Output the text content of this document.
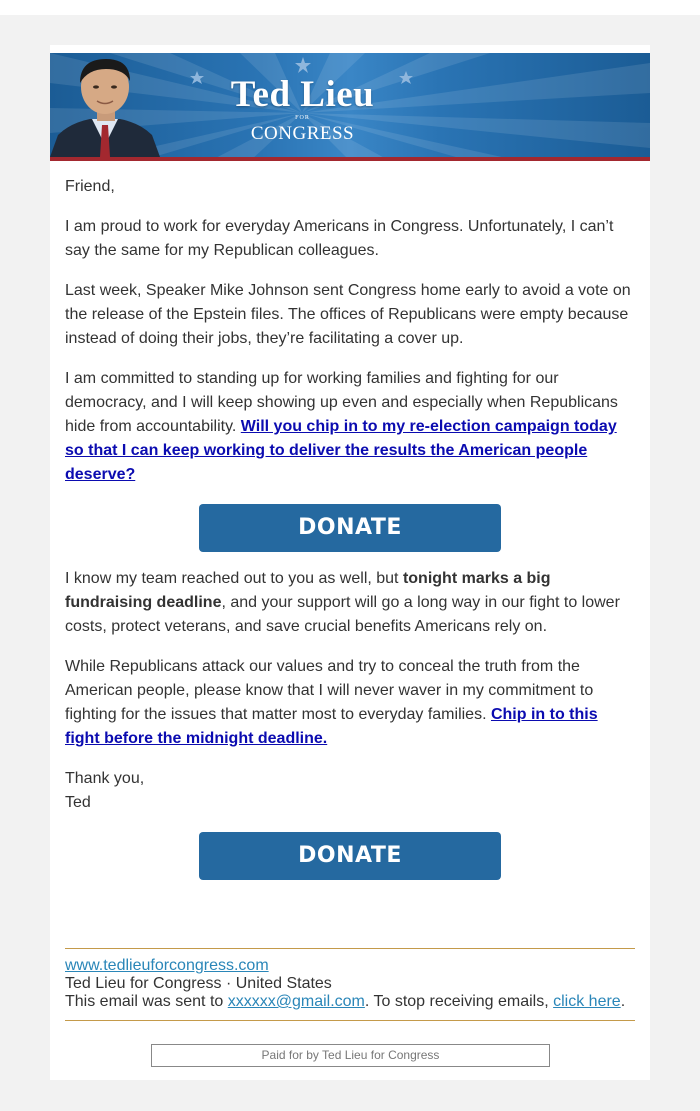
Ted Lieu
FOR
CONGRESS

Friend,

I am proud to work for everyday Americans in Congress. Unfortunately, I can’t say the same for my Republican colleagues.

Last week, Speaker Mike Johnson sent Congress home early to avoid a vote on the release of the Epstein files. The offices of Republicans were empty because instead of doing their jobs, they’re facilitating a cover up.

I am committed to standing up for working families and fighting for our democracy, and I will keep showing up even and especially when Republicans hide from accountability. Will you chip in to my re-election campaign today so that I can keep working to deliver the results the American people deserve?

DONATE

I know my team reached out to you as well, but tonight marks a big fundraising deadline, and your support will go a long way in our fight to lower costs, protect veterans, and save crucial benefits Americans rely on.

While Republicans attack our values and try to conceal the truth from the American people, please know that I will never waver in my commitment to fighting for the issues that matter most to everyday families. Chip in to this fight before the midnight deadline.

Thank you,

Ted

DONATE
www.tedlieuforcongress.com
Ted Lieu for Congress · United States
This email was sent to xxxxxx@gmail.com. To stop receiving emails, click here.
Paid for by Ted Lieu for Congress
